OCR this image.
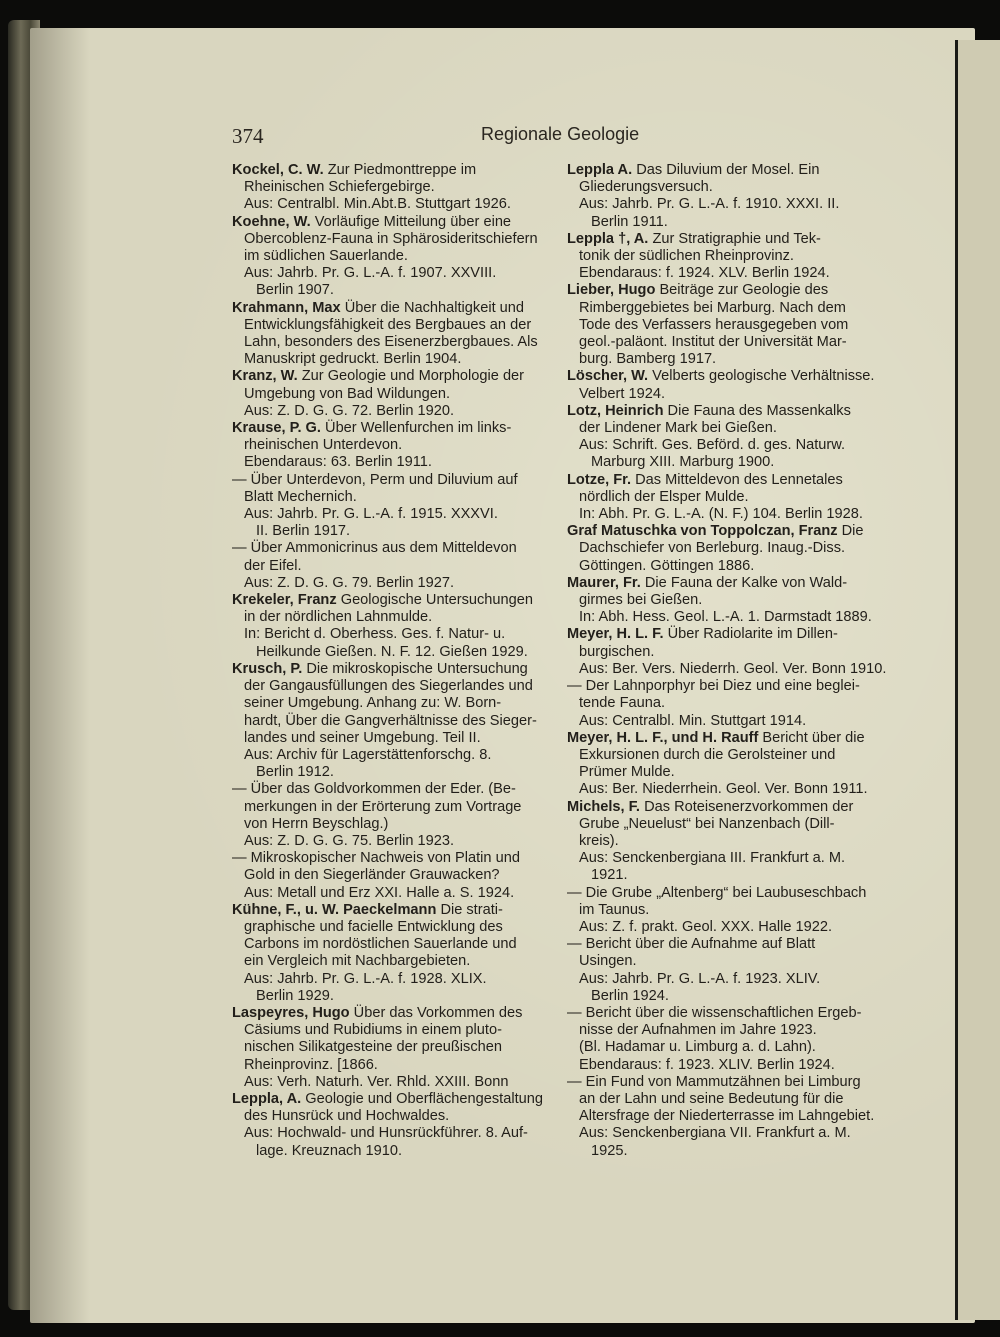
374	Regionale Geologie
Kockel, C. W. Zur Piedmonttreppe im
Rheinischen Schiefergebirge.
Aus: Centralbl. Min.Abt.B. Stuttgart 1926.
Koehne, W. Vorläufige Mitteilung über eine
Obercoblenz-Fauna in Sphärosideritschiefern
im südlichen Sauerlande.
Aus: Jahrb. Pr. G. L.-A. f. 1907. XXVIII.
Berlin 1907.
Krahmann, Max Über die Nachhaltigkeit und
Entwicklungsfähigkeit des Bergbaues an der
Lahn, besonders des Eisenerzbergbaues. Als
Manuskript gedruckt. Berlin 1904.
Kranz, W. Zur Geologie und Morphologie der
Umgebung von Bad Wildungen.
Aus: Z. D. G. G. 72. Berlin 1920.
Krause, P. G. Über Wellenfurchen im links-
rheinischen Unterdevon.
Ebendaraus: 63. Berlin 1911.
— Über Unterdevon, Perm und Diluvium auf
Blatt Mechernich.
Aus: Jahrb. Pr. G. L.-A. f. 1915. XXXVI.
II. Berlin 1917.
— Über Ammonicrinus aus dem Mitteldevon
der Eifel.
Aus: Z. D. G. G. 79. Berlin 1927.
Krekeler, Franz Geologische Untersuchungen
in der nördlichen Lahnmulde.
In: Bericht d. Oberhess. Ges. f. Natur- u.
Heilkunde Gießen. N. F. 12. Gießen 1929.
Krusch, P. Die mikroskopische Untersuchung
der Gangausfüllungen des Siegerlandes und
seiner Umgebung. Anhang zu: W. Born-
hardt, Über die Gangverhältnisse des Sieger-
landes und seiner Umgebung. Teil II.
Aus: Archiv für Lagerstättenforschg. 8.
Berlin 1912.
— Über das Goldvorkommen der Eder. (Be-
merkungen in der Erörterung zum Vortrage
von Herrn Beyschlag.)
Aus: Z. D. G. G. 75. Berlin 1923.
— Mikroskopischer Nachweis von Platin und
Gold in den Siegerländer Grauwacken?
Aus: Metall und Erz XXI. Halle a. S. 1924.
Kühne, F., u. W. Paeckelmann Die strati-
graphische und facielle Entwicklung des
Carbons im nordöstlichen Sauerlande und
ein Vergleich mit Nachbargebieten.
Aus: Jahrb. Pr. G. L.-A. f. 1928. XLIX.
Berlin 1929.
Laspeyres, Hugo Über das Vorkommen des
Cäsiums und Rubidiums in einem pluto-
nischen Silikatgesteine der preußischen
Rheinprovinz. [1866.
Aus: Verh. Naturh. Ver. Rhld. XXIII. Bonn
Leppla, A. Geologie und Oberflächengestaltung
des Hunsrück und Hochwaldes.
Aus: Hochwald- und Hunsrückführer. 8. Auf-
lage. Kreuznach 1910.
Leppla A. Das Diluvium der Mosel. Ein
Gliederungsversuch.
Aus: Jahrb. Pr. G. L.-A. f. 1910. XXXI. II.
Berlin 1911.
Leppla †, A. Zur Stratigraphie und Tek-
tonik der südlichen Rheinprovinz.
Ebendaraus: f. 1924. XLV. Berlin 1924.
Lieber, Hugo Beiträge zur Geologie des
Rimberggebietes bei Marburg. Nach dem
Tode des Verfassers herausgegeben vom
geol.-paläont. Institut der Universität Mar-
burg. Bamberg 1917.
Löscher, W. Velberts geologische Verhältnisse.
Velbert 1924.
Lotz, Heinrich Die Fauna des Massenkalks
der Lindener Mark bei Gießen.
Aus: Schrift. Ges. Beförd. d. ges. Naturw.
Marburg XIII. Marburg 1900.
Lotze, Fr. Das Mitteldevon des Lennetales
nördlich der Elsper Mulde.
In: Abh. Pr. G. L.-A. (N. F.) 104. Berlin 1928.
Graf Matuschka von Toppolczan, Franz Die
Dachschiefer von Berleburg. Inaug.-Diss.
Göttingen. Göttingen 1886.
Maurer, Fr. Die Fauna der Kalke von Wald-
girmes bei Gießen.
In: Abh. Hess. Geol. L.-A. 1. Darmstadt 1889.
Meyer, H. L. F. Über Radiolarite im Dillen-
burgischen.
Aus: Ber. Vers. Niederrh. Geol. Ver. Bonn 1910.
— Der Lahnporphyr bei Diez und eine beglei-
tende Fauna.
Aus: Centralbl. Min. Stuttgart 1914.
Meyer, H. L. F., und H. Rauff Bericht über die
Exkursionen durch die Gerolsteiner und
Prümer Mulde.
Aus: Ber. Niederrhein. Geol. Ver. Bonn 1911.
Michels, F. Das Roteisenerzvorkommen der
Grube „Neuelust“ bei Nanzenbach (Dill-
kreis).
Aus: Senckenbergiana III. Frankfurt a. M.
1921.
— Die Grube „Altenberg“ bei Laubuseschbach
im Taunus.
Aus: Z. f. prakt. Geol. XXX. Halle 1922.
— Bericht über die Aufnahme auf Blatt
Usingen.
Aus: Jahrb. Pr. G. L.-A. f. 1923. XLIV.
Berlin 1924.
— Bericht über die wissenschaftlichen Ergeb-
nisse der Aufnahmen im Jahre 1923.
(Bl. Hadamar u. Limburg a. d. Lahn).
Ebendaraus: f. 1923. XLIV. Berlin 1924.
— Ein Fund von Mammutzähnen bei Limburg
an der Lahn und seine Bedeutung für die
Altersfrage der Niederterrasse im Lahngebiet.
Aus: Senckenbergiana VII. Frankfurt a. M.
1925.
